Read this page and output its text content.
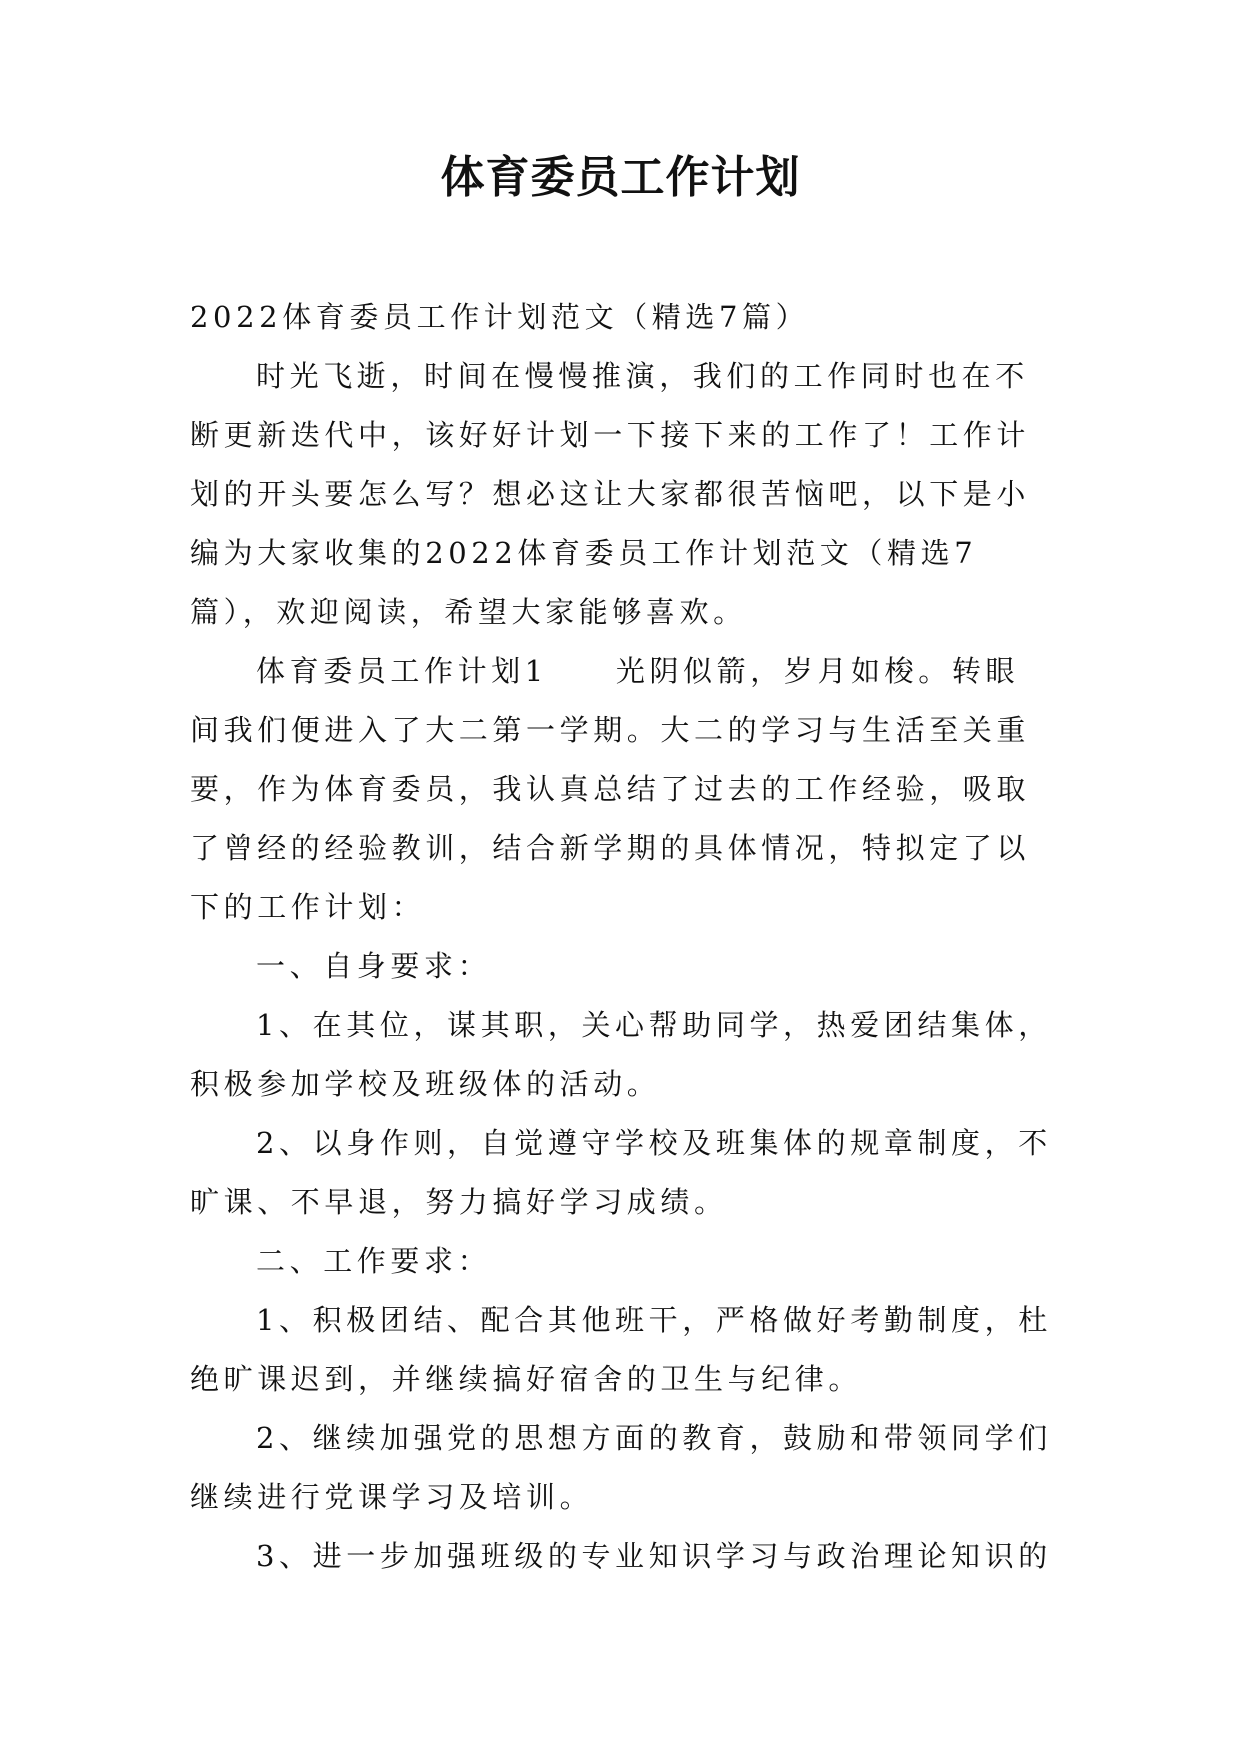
体育委员工作计划

2022体育委员工作计划范文（精选7篇）

时光飞逝，时间在慢慢推演，我们的工作同时也在不断更新迭代中，该好好计划一下接下来的工作了！工作计划的开头要怎么写？想必这让大家都很苦恼吧，以下是小编为大家收集的2022体育委员工作计划范文（精选7篇），欢迎阅读，希望大家能够喜欢。

体育委员工作计划1 光阴似箭，岁月如梭。转眼间我们便进入了大二第一学期。大二的学习与生活至关重要，作为体育委员，我认真总结了过去的工作经验，吸取了曾经的经验教训，结合新学期的具体情况，特拟定了以下的工作计划：

一、自身要求：

1、在其位，谋其职，关心帮助同学，热爱团结集体，积极参加学校及班级体的活动。

2、以身作则，自觉遵守学校及班集体的规章制度，不旷课、不早退，努力搞好学习成绩。

二、工作要求：

1、积极团结、配合其他班干，严格做好考勤制度，杜绝旷课迟到，并继续搞好宿舍的卫生与纪律。

2、继续加强党的思想方面的教育，鼓励和带领同学们继续进行党课学习及培训。

3、进一步加强班级的专业知识学习与政治理论知识的
